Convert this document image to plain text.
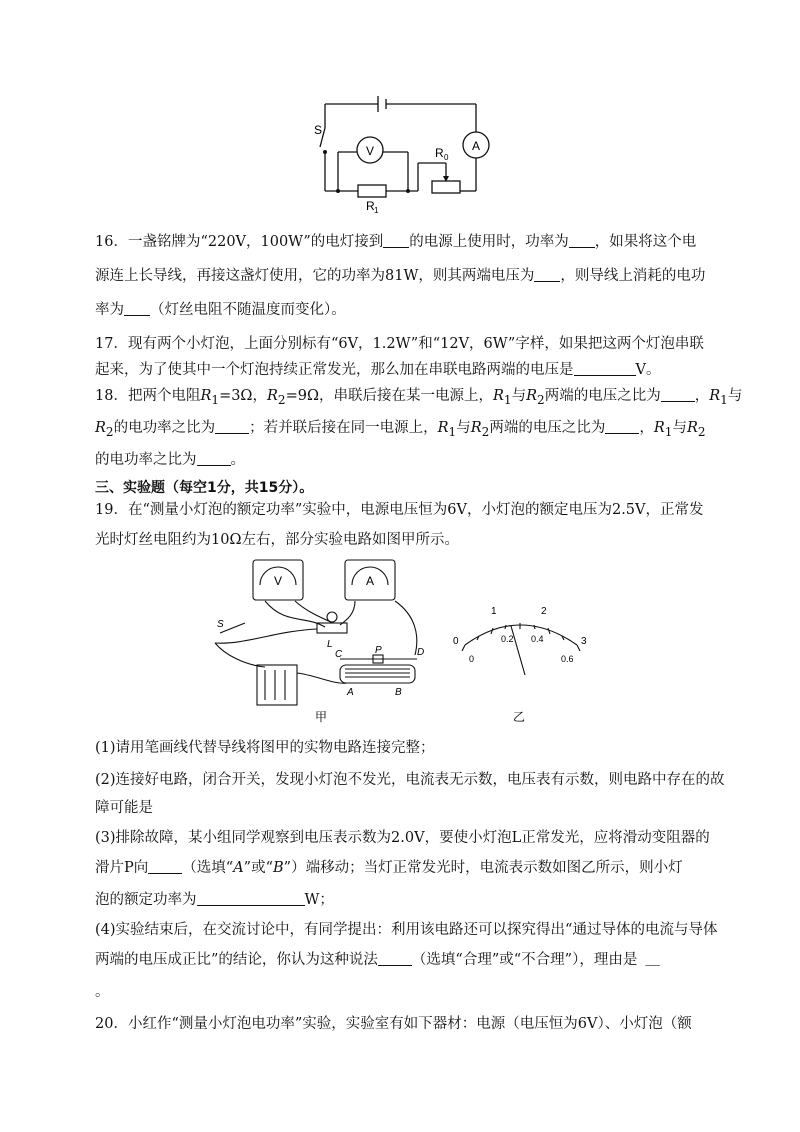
S
V	A
R 0
R 1
16．一盏铭牌为“220V，100W”的电灯接到 的电源上使用时，功率为 ，如果将这个电
源连上长导线，再接这盏灯使用，它的功率为81W，则其两端电压为 ，则导线上消耗的电功
率为 （灯丝电阻不随温度而变化）。
17．现有两个小灯泡，上面分别标有“6V，1.2W”和“12V，6W”字样，如果把这两个灯泡串联
起来，为了使其中一个灯泡持续正常发光，那么加在串联电路两端的电压是	V。
18．把两个电阻$R_1=3\Omega$，$R_2=9\Omega$，串联后接在某一电源上，$R_1$与$R_2$两端的电压之比为 ，$R_1$与
$R_2$的电功率之比为 ；若并联后接在同一电源上，$R_1$与$R_2$两端的电压之比为 ，$R_1$与$R_2$
的电功率之比为 。
三、实验题（每空1分，共15分）。
19．在“测量小灯泡的额定功率”实验中，电源电压恒为6V，小灯泡的额定电压为2.5V，正常发
光时灯丝电阻约为10Ω左右，部分实验电路如图甲所示。
V	A
S
L
C	P	D
A	B
甲
0
1	2
3
0
0.2 0.4
0.6
乙
(1)请用笔画线代替导线将图甲的实物电路连接完整；
(2)连接好电路，闭合开关，发现小灯泡不发光，电流表无示数，电压表有示数，则电路中存在的故
障可能是
(3)排除故障，某小组同学观察到电压表示数为2.0V，要使小灯泡L正常发光，应将滑动变阻器的
滑片P向 （选填“A”或“B”）端移动；当灯正常发光时，电流表示数如图乙所示，则小灯
泡的额定功率为	W；
(4)实验结束后，在交流讨论中，有同学提出：利用该电路还可以探究得出“通过导体的电流与导体
两端的电压成正比”的结论，你认为这种说法 （选填“合理”或“不合理”），理由是 ＿
。
20．小红作“测量小灯泡电功率”实验，实验室有如下器材：电源（电压恒为6V）、小灯泡（额
